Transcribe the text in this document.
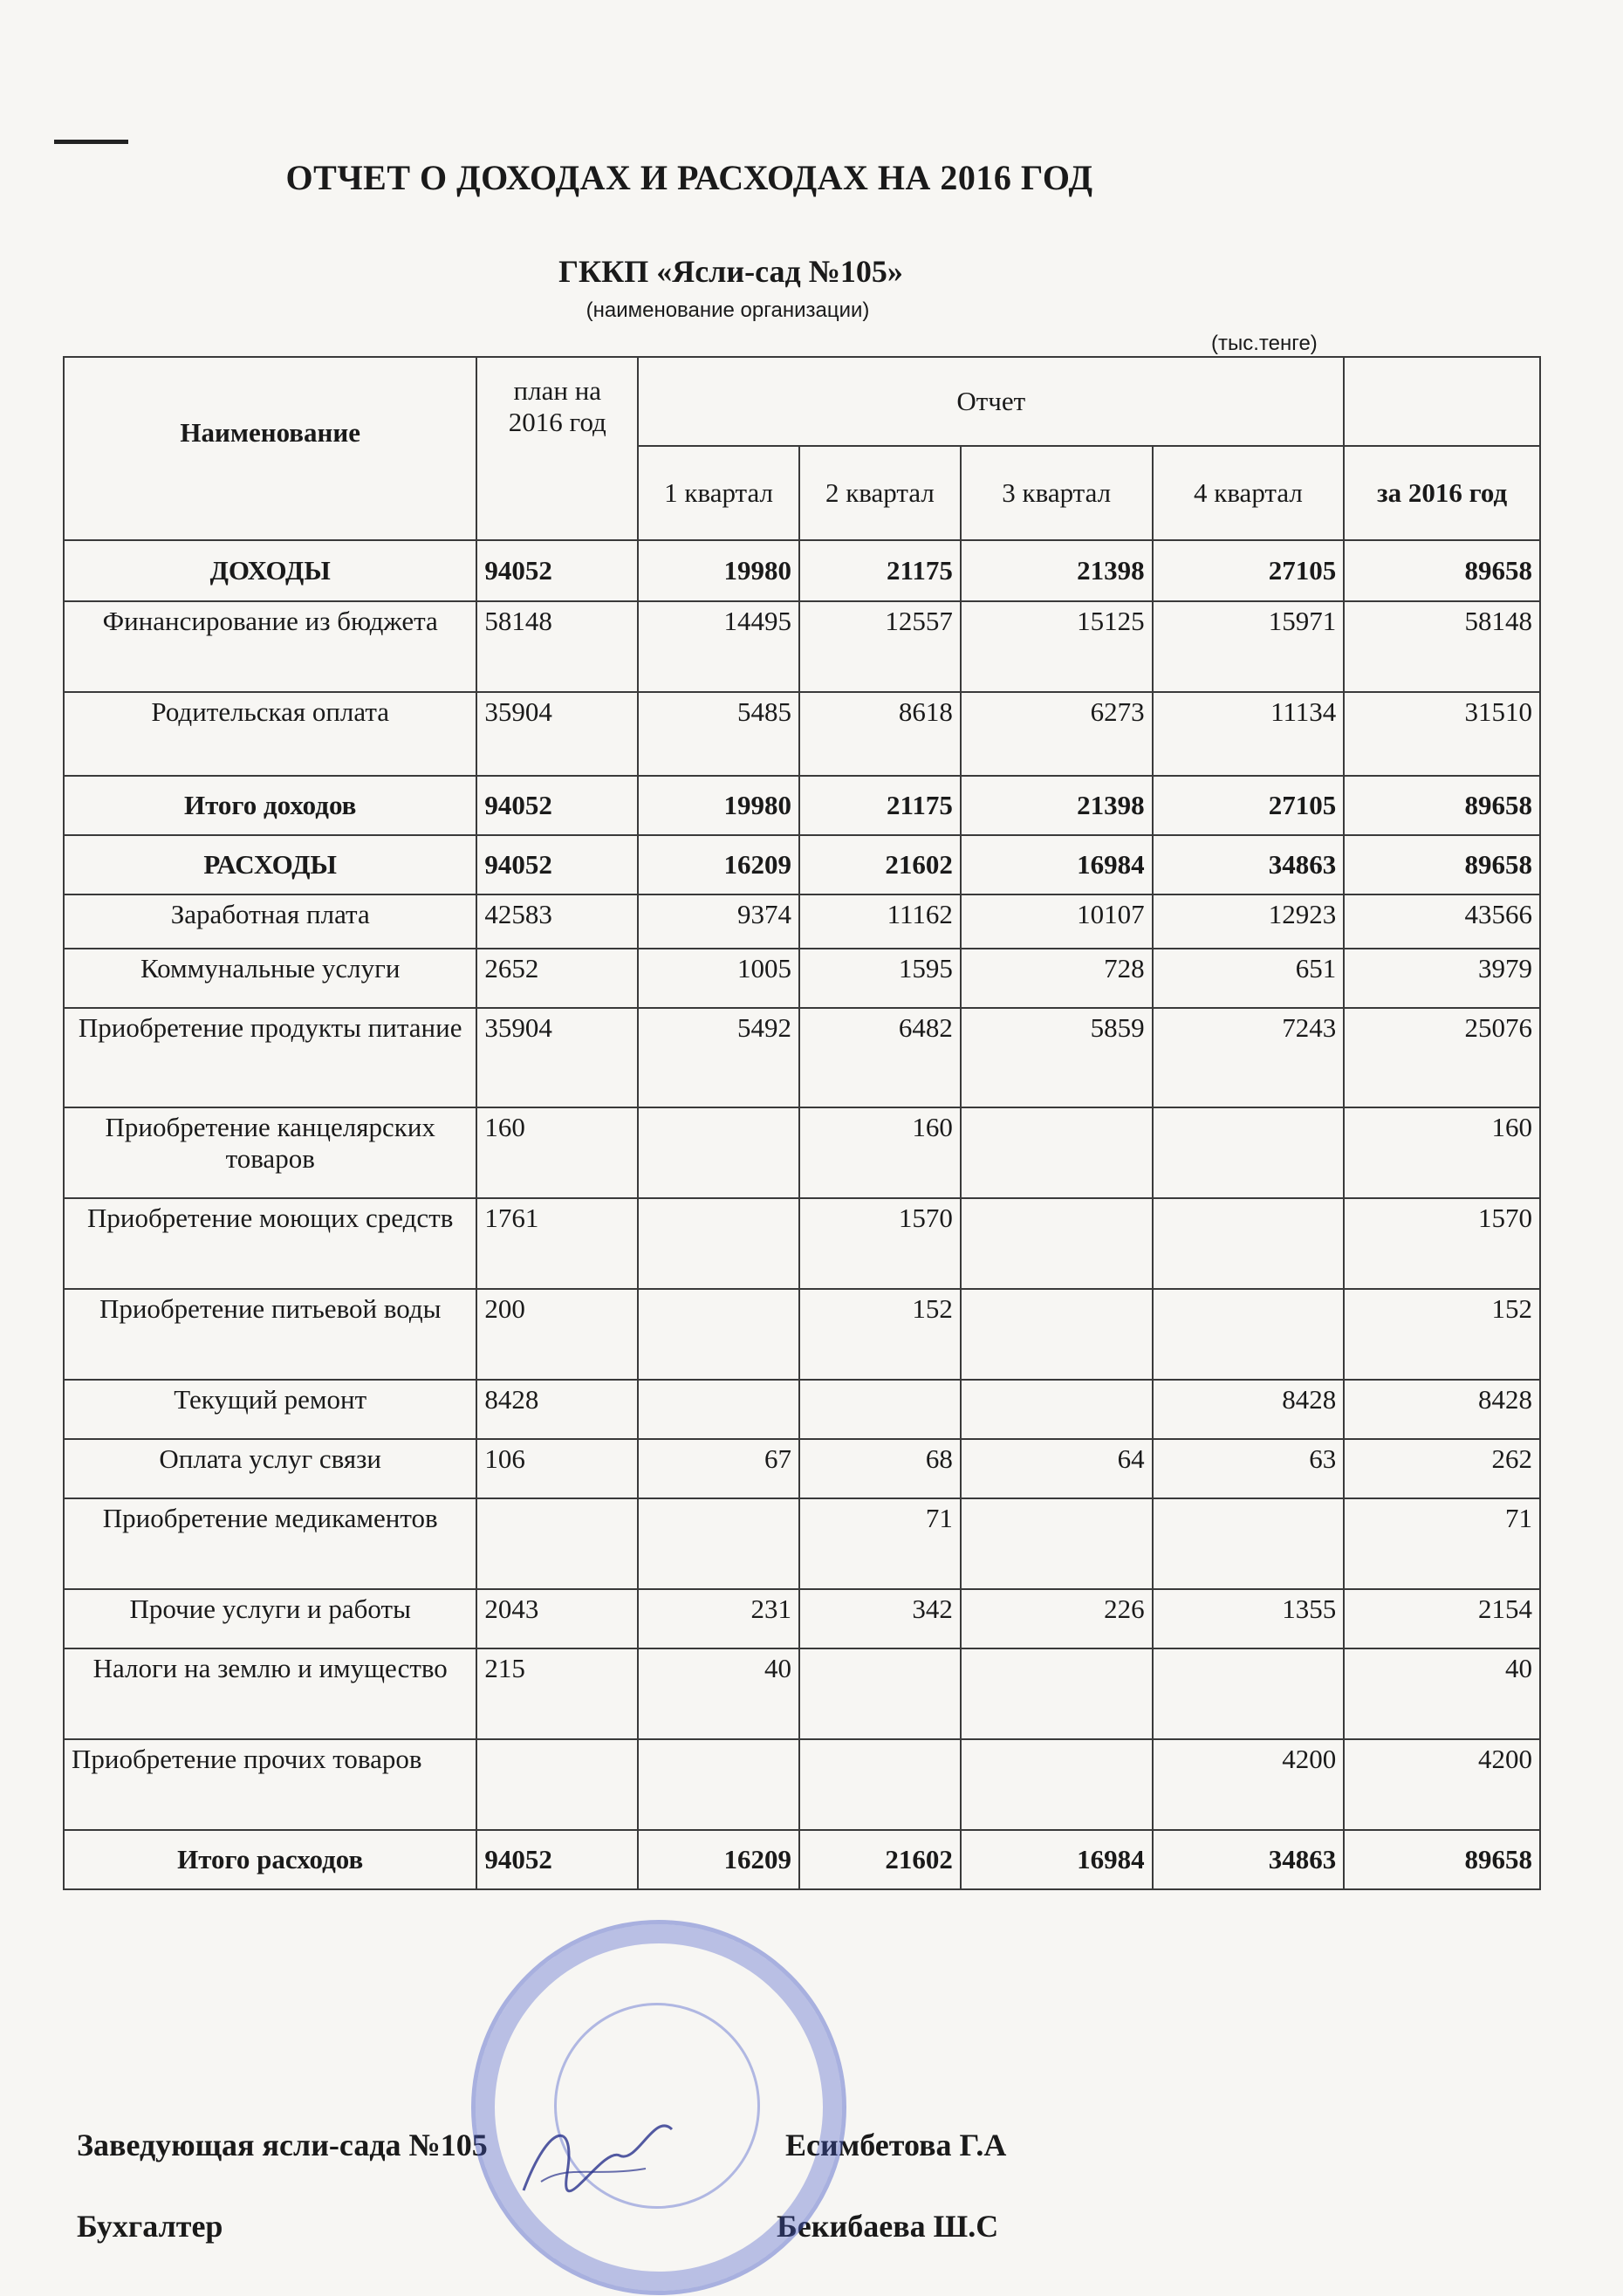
ОТЧЕТ О ДОХОДАХ И РАСХОДАХ НА 2016 ГОД
ГККП «Ясли-сад №105»
(наименование организации)
(тыс.тенге)
Наименование	план на 2016 год	Отчет				
		1 квартал	2 квартал	3 квартал	4 квартал	за 2016 год
ДОХОДЫ	94052	19980	21175	21398	27105	89658
Финансирование из бюджета	58148	14495	12557	15125	15971	58148
Родительская оплата	35904	5485	8618	6273	11134	31510
Итого доходов	94052	19980	21175	21398	27105	89658
РАСХОДЫ	94052	16209	21602	16984	34863	89658
Заработная плата	42583	9374	11162	10107	12923	43566
Коммунальные услуги	2652	1005	1595	728	651	3979
Приобретение продукты питание	35904	5492	6482	5859	7243	25076
Приобретение канцелярских товаров	160		160			160
Приобретение моющих средств	1761		1570			1570
Приобретение питьевой воды	200		152			152
Текущий ремонт	8428				8428	8428
Оплата услуг связи	106	67	68	64	63	262
Приобретение медикаментов			71			71
Прочие услуги и работы	2043	231	342	226	1355	2154
Налоги на землю и имущество	215	40				40
Приобретение прочих товаров					4200	4200
Итого расходов	94052	16209	21602	16984	34863	89658
Заведующая ясли-сада №105	Есимбетова Г.А
Бухгалтер	Бекибаева Ш.С
